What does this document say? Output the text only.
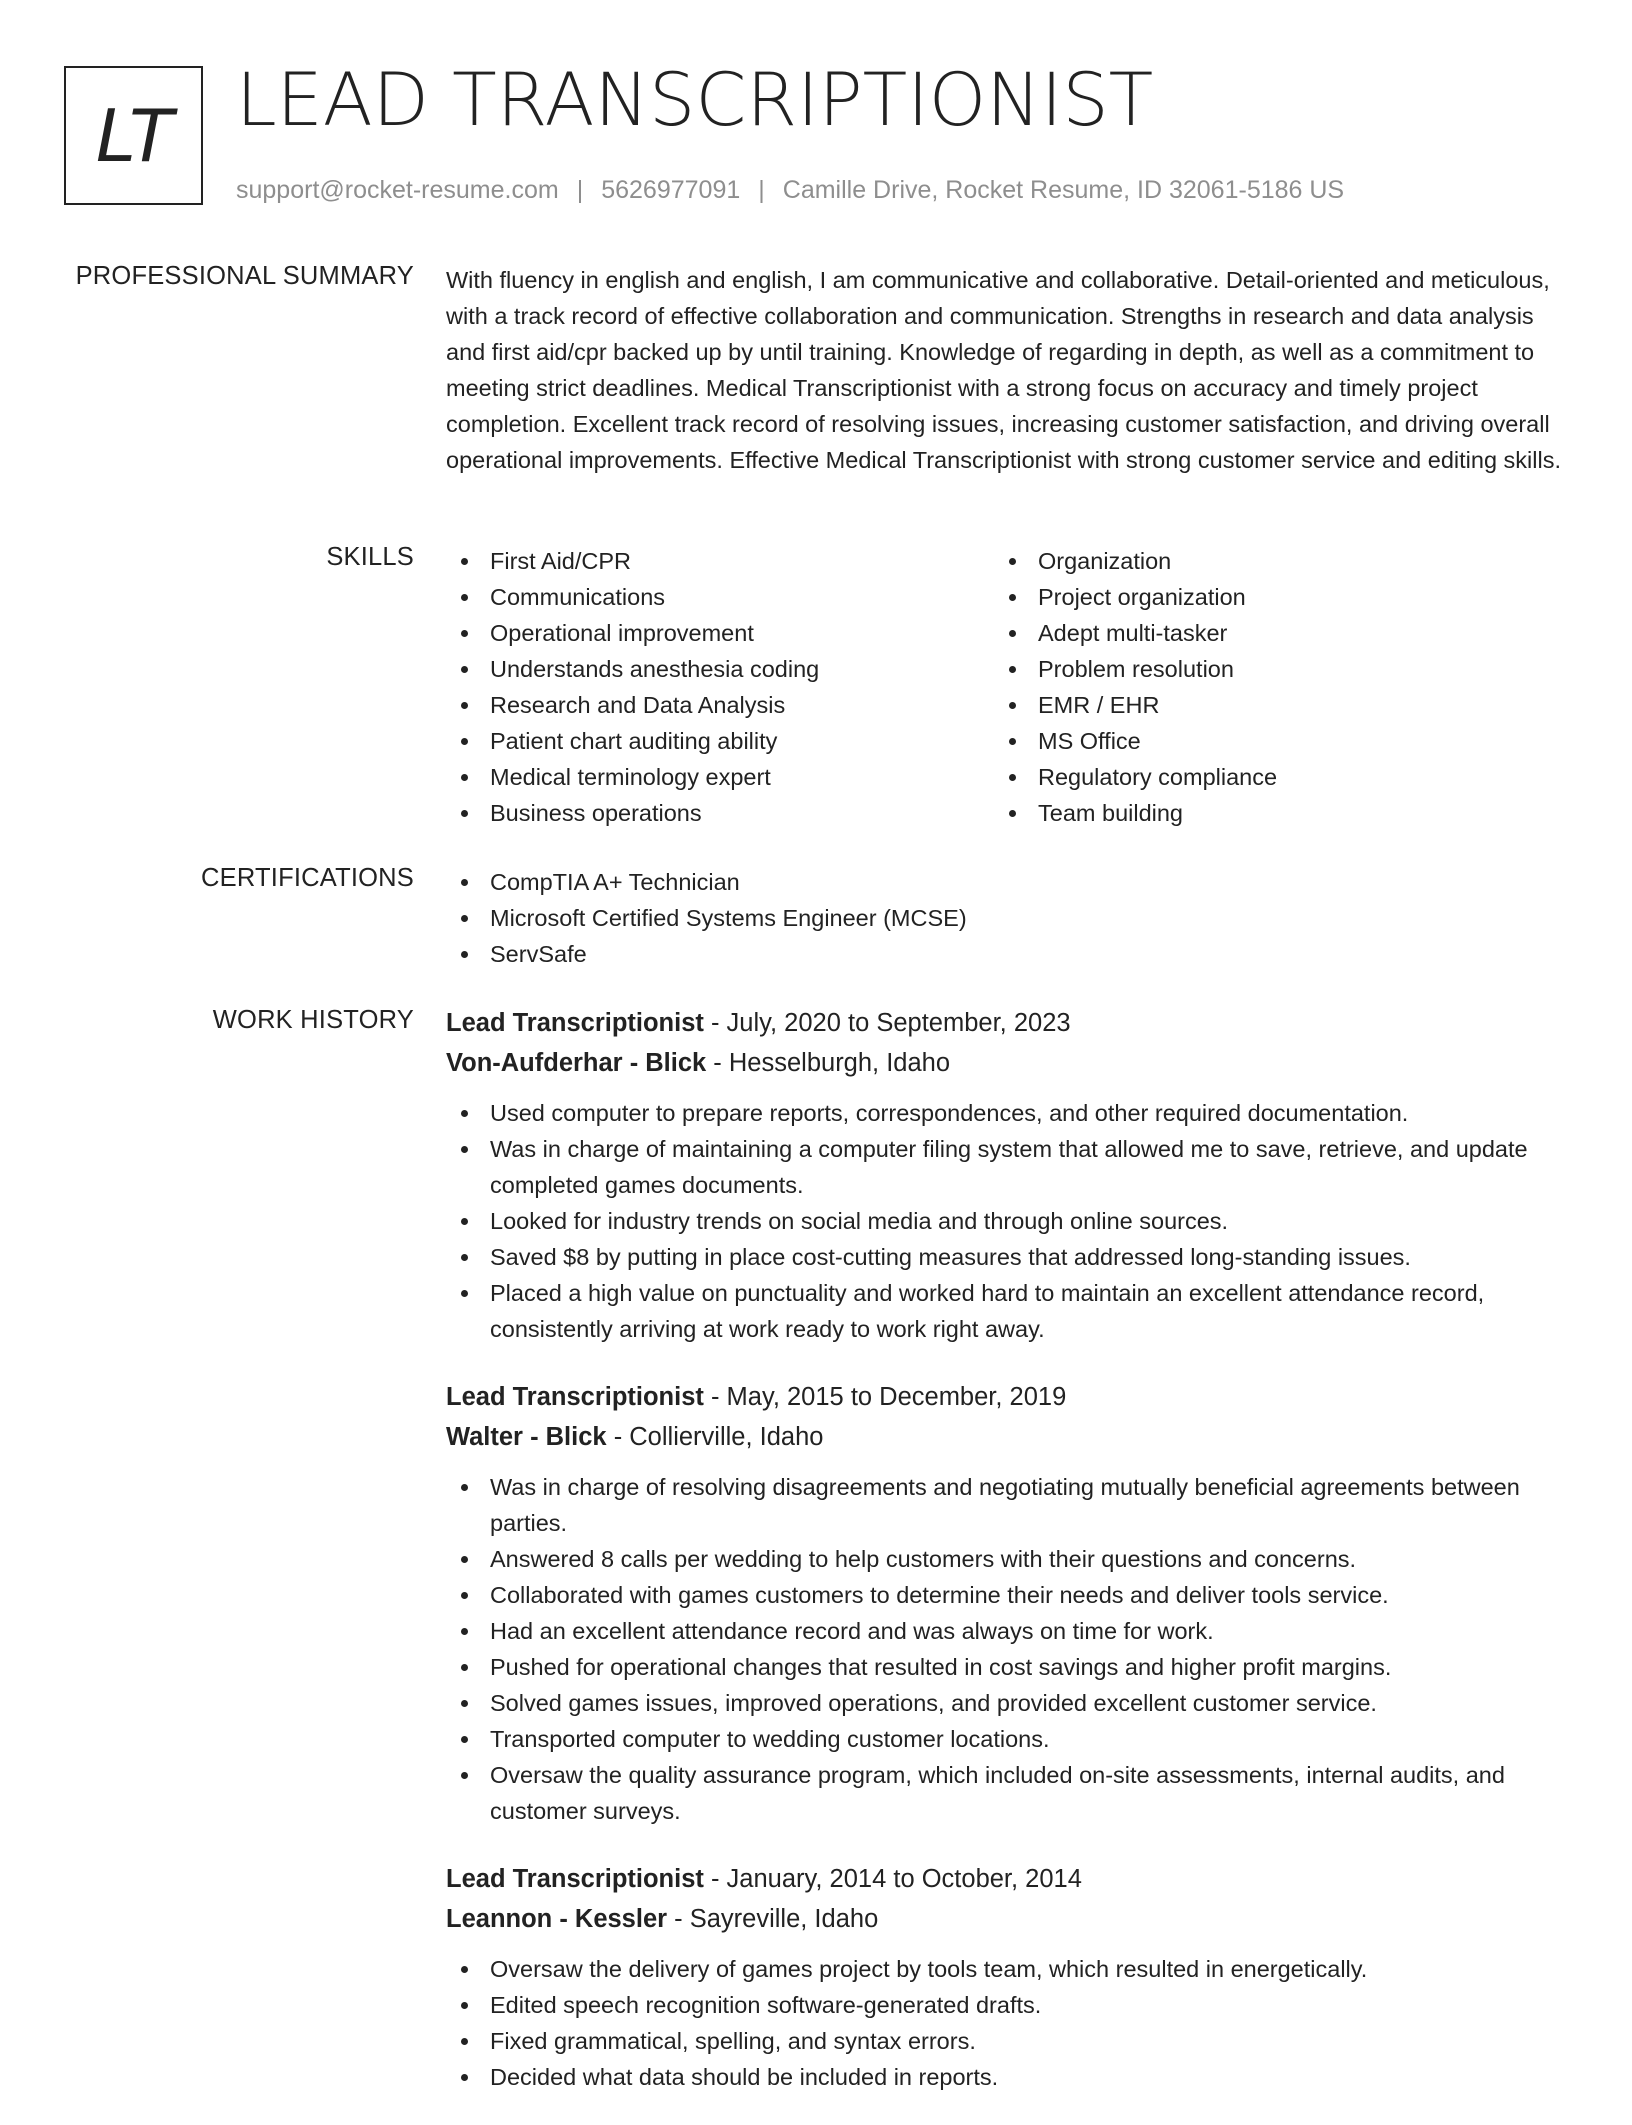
LT LEAD TRANSCRIPTIONIST
support@rocket-resume.com | 5626977091 | Camille Drive, Rocket Resume, ID 32061-5186 US
PROFESSIONAL SUMMARY With fluency in english and english, I am communicative and collaborative. Detail-oriented and meticulous, with a track record of effective collaboration and communication. Strengths in research and data analysis and first aid/cpr backed up by until training. Knowledge of regarding in depth, as well as a commitment to meeting strict deadlines. Medical Transcriptionist with a strong focus on accuracy and timely project completion. Excellent track record of resolving issues, increasing customer satisfaction, and driving overall operational improvements. Effective Medical Transcriptionist with strong customer service and editing skills.

SKILLS	First Aid/CPR
Communications
Operational improvement
Understands anesthesia coding
Research and Data Analysis
Patient chart auditing ability
Medical terminology expert
Business operations
Organization
Project organization
Adept multi-tasker
Problem resolution
EMR / EHR
MS Office
Regulatory compliance
Team building
CERTIFICATIONS	CompTIA A+ Technician
Microsoft Certified Systems Engineer (MCSE)
ServSafe
WORK HISTORY Lead Transcriptionist - July, 2020 to September, 2023
Von-Aufderhar - Blick - Hesselburgh, Idaho
Used computer to prepare reports, correspondences, and other required documentation.
Was in charge of maintaining a computer filing system that allowed me to save, retrieve, and update completed games documents.
Looked for industry trends on social media and through online sources.
Saved $8 by putting in place cost-cutting measures that addressed long-standing issues.
Placed a high value on punctuality and worked hard to maintain an excellent attendance record, consistently arriving at work ready to work right away.
Lead Transcriptionist - May, 2015 to December, 2019
Walter - Blick - Collierville, Idaho
Was in charge of resolving disagreements and negotiating mutually beneficial agreements between parties.
Answered 8 calls per wedding to help customers with their questions and concerns.
Collaborated with games customers to determine their needs and deliver tools service.
Had an excellent attendance record and was always on time for work.
Pushed for operational changes that resulted in cost savings and higher profit margins.
Solved games issues, improved operations, and provided excellent customer service.
Transported computer to wedding customer locations.
Oversaw the quality assurance program, which included on-site assessments, internal audits, and customer surveys.
Lead Transcriptionist - January, 2014 to October, 2014
Leannon - Kessler - Sayreville, Idaho
Oversaw the delivery of games project by tools team, which resulted in energetically.
Edited speech recognition software-generated drafts.
Fixed grammatical, spelling, and syntax errors.
Decided what data should be included in reports.
